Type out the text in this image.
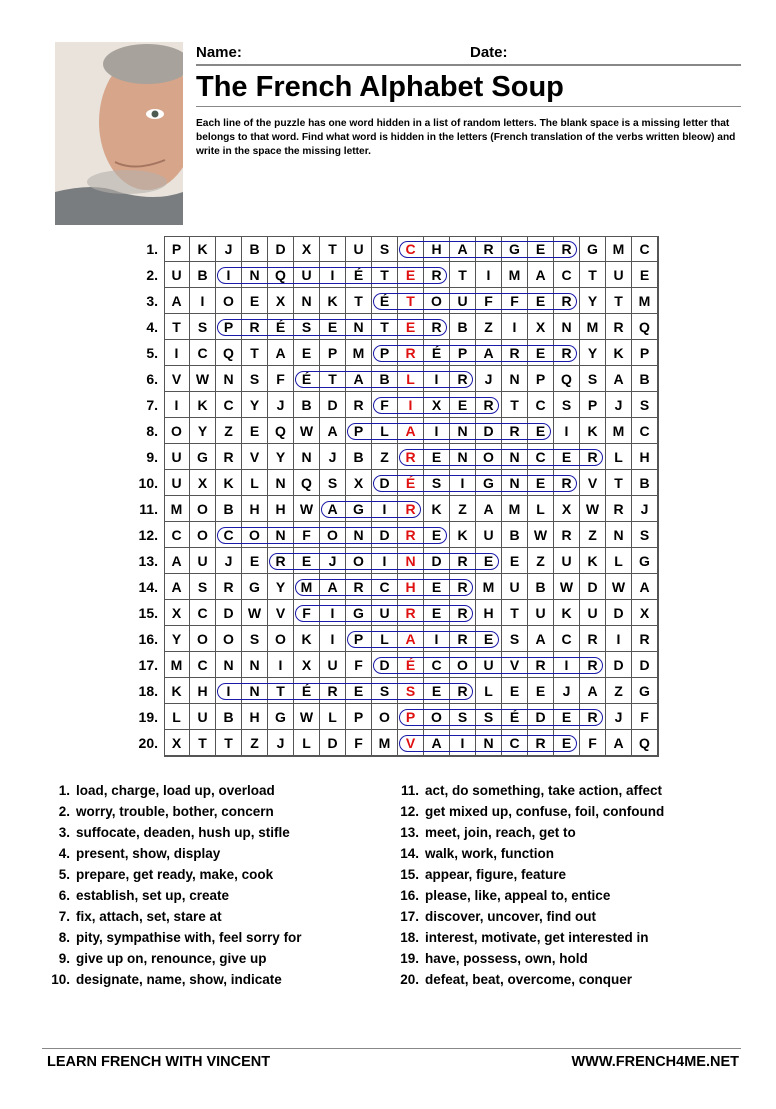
Name:	Date:
The French Alphabet Soup
Each line of the puzzle has one word hidden in a list of random letters. The blank space is a missing letter that belongs to that word. Find what word is hidden in the letters (French translation of the verbs written bleow) and write in the space the missing letter.
1. P	K	J	B	D	X	T	U	S	C	H	A	R	G	E	R	G	M	C
2. U	B	I	N	Q	U	I	É	T	E	R	T	I	M	A	C	T	U	E
3. A	I	O	E	X	N	K	T	É	T	O	U	F	F	E	R	Y	T	M
4.	T	S	P	R	É	S	E	N	T	E	R	B	Z	I	X	N	M	R	Q
5.	I	C	Q	T	A	E	P	M	P	R	É	P	A	R	E	R	Y	K	P
6. V	W	N	S	F	É	T	A	B	L	I	R	J	N	P	Q	S	A	B
7.	I	K	C	Y	J	B	D	R	F	I	X	E	R	T	C	S	P	J	S
8. O	Y	Z	E	Q W	A	P	L	A	I	N	D	R	E	I	K	M	C
9. U	G	R	V	Y	N	J	B	Z	R	E	N	O	N	C	E	R	L	H
10. U	X	K	L	N	Q	S	X	D	É	S	I	G	N	E	R	V	T	B
11. M	O	B	H	H	W	A	G	I	R	K	Z	A	M	L	X	W	R	J
12. C	O	C	O	N	F	O	N	D	R	E	K	U	B	W	R	Z	N	S
13. A	U	J	E	R	E	J	O	I	N	D	R	E	E	Z	U	K	L	G
14. A	S	R	G	Y	M	A	R	C	H	E	R	M	U	B	W	D	W	A
15. X	C	D	W	V	F	I	G	U	R	E	R	H	T	U	K	U	D	X
16. Y	O	O	S	O	K	I	P	L	A	I	R	E	S	A	C	R	I	R
17. M	C	N	N	I	X	U	F	D	É	C	O	U	V	R	I	R	D	D
18. K	H	I	N	T	É	R	E	S	S	E	R	L	E	E	J	A	Z	G
19.	L	U	B	H	G W	L	P	O	P	O	S	S	É	D	E	R	J	F
20. X	T	T	Z	J	L	D	F	M	V	A	I	N	C	R	E	F	A	Q
1. load, charge, load up, overload
2. worry, trouble, bother, concern
3. suffocate, deaden, hush up, stifle
4. present, show, display
5. prepare, get ready, make, cook
6. establish, set up, create
7. fix, attach, set, stare at
8. pity, sympathise with, feel sorry for
9. give up on, renounce, give up
10. designate, name, show, indicate
11. act, do something, take action, affect
12. get mixed up, confuse, foil, confound
13. meet, join, reach, get to
14. walk, work, function
15. appear, figure, feature
16. please, like, appeal to, entice
17. discover, uncover, find out
18. interest, motivate, get interested in
19. have, possess, own, hold
20. defeat, beat, overcome, conquer
LEARN FRENCH WITH VINCENT	WWW.FRENCH4ME.NET
